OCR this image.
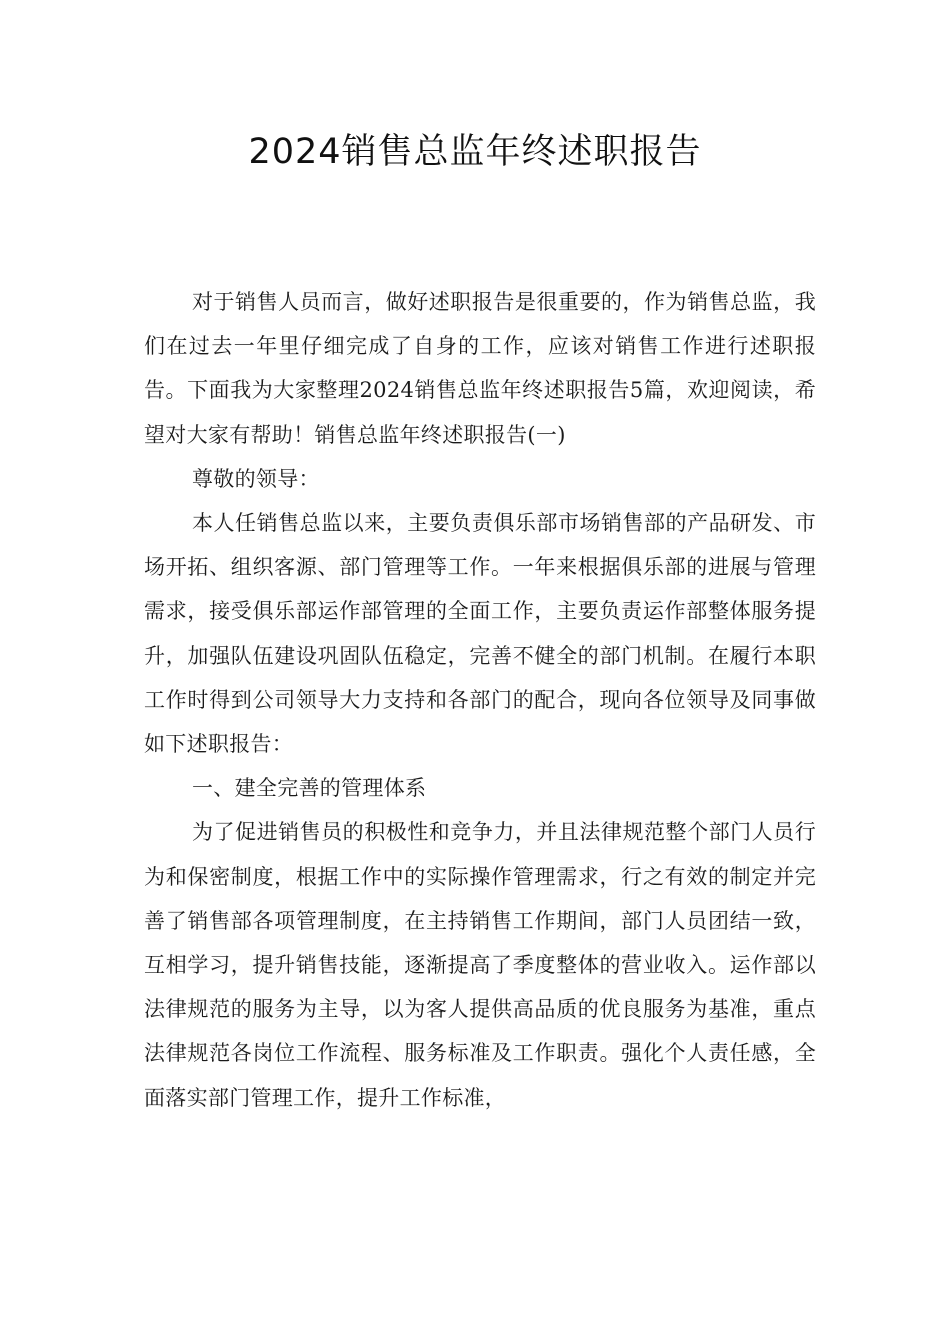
2024销售总监年终述职报告

对于销售人员而言，做好述职报告是很重要的，作为销售总监，我们在过去一年里仔细完成了自身的工作，应该对销售工作进行述职报告。下面我为大家整理2024销售总监年终述职报告5篇，欢迎阅读，希望对大家有帮助！销售总监年终述职报告(一)

尊敬的领导：

本人任销售总监以来，主要负责俱乐部市场销售部的产品研发、市场开拓、组织客源、部门管理等工作。一年来根据俱乐部的进展与管理需求，接受俱乐部运作部管理的全面工作，主要负责运作部整体服务提升，加强队伍建设巩固队伍稳定，完善不健全的部门机制。在履行本职工作时得到公司领导大力支持和各部门的配合，现向各位领导及同事做如下述职报告：

一、建全完善的管理体系

为了促进销售员的积极性和竞争力，并且法律规范整个部门人员行为和保密制度，根据工作中的实际操作管理需求，行之有效的制定并完善了销售部各项管理制度，在主持销售工作期间，部门人员团结一致，互相学习，提升销售技能，逐渐提高了季度整体的营业收入。运作部以法律规范的服务为主导，以为客人提供高品质的优良服务为基准，重点法律规范各岗位工作流程、服务标准及工作职责。强化个人责任感，全面落实部门管理工作，提升工作标准，
